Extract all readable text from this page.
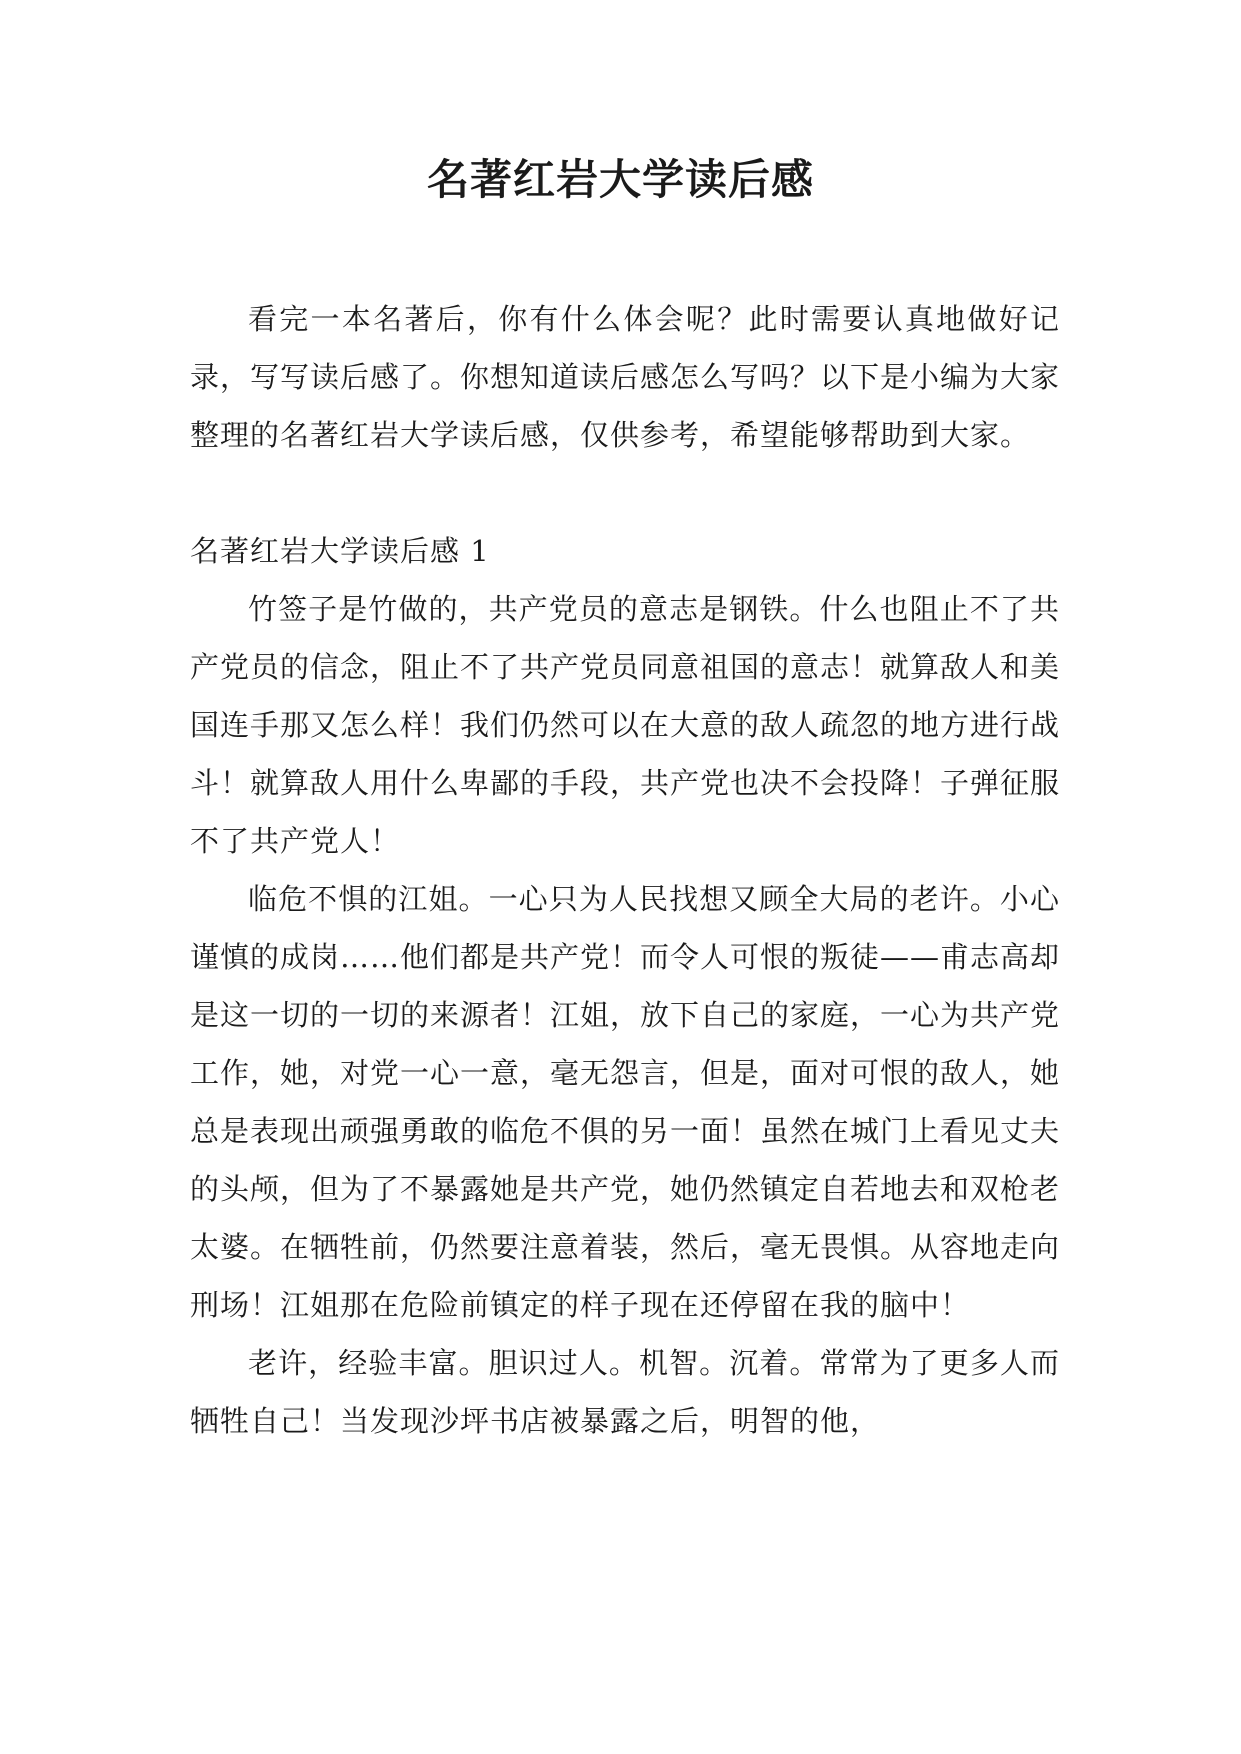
名著红岩大学读后感

看完一本名著后，你有什么体会呢？此时需要认真地做好记录，写写读后感了。你想知道读后感怎么写吗？以下是小编为大家整理的名著红岩大学读后感，仅供参考，希望能够帮助到大家。

名著红岩大学读后感 1

竹签子是竹做的，共产党员的意志是钢铁。什么也阻止不了共产党员的信念，阻止不了共产党员同意祖国的意志！就算敌人和美国连手那又怎么样！我们仍然可以在大意的敌人疏忽的地方进行战斗！就算敌人用什么卑鄙的手段，共产党也决不会投降！子弹征服不了共产党人！

临危不惧的江姐。一心只为人民找想又顾全大局的老许。小心谨慎的成岗……他们都是共产党！而令人可恨的叛徒——甫志高却是这一切的一切的来源者！江姐，放下自己的家庭，一心为共产党工作，她，对党一心一意，毫无怨言，但是，面对可恨的敌人，她总是表现出顽强勇敢的临危不俱的另一面！虽然在城门上看见丈夫的头颅，但为了不暴露她是共产党，她仍然镇定自若地去和双枪老太婆。在牺牲前，仍然要注意着装，然后，毫无畏惧。从容地走向刑场！江姐那在危险前镇定的样子现在还停留在我的脑中！

老许，经验丰富。胆识过人。机智。沉着。常常为了更多人而牺牲自己！当发现沙坪书店被暴露之后，明智的他，
